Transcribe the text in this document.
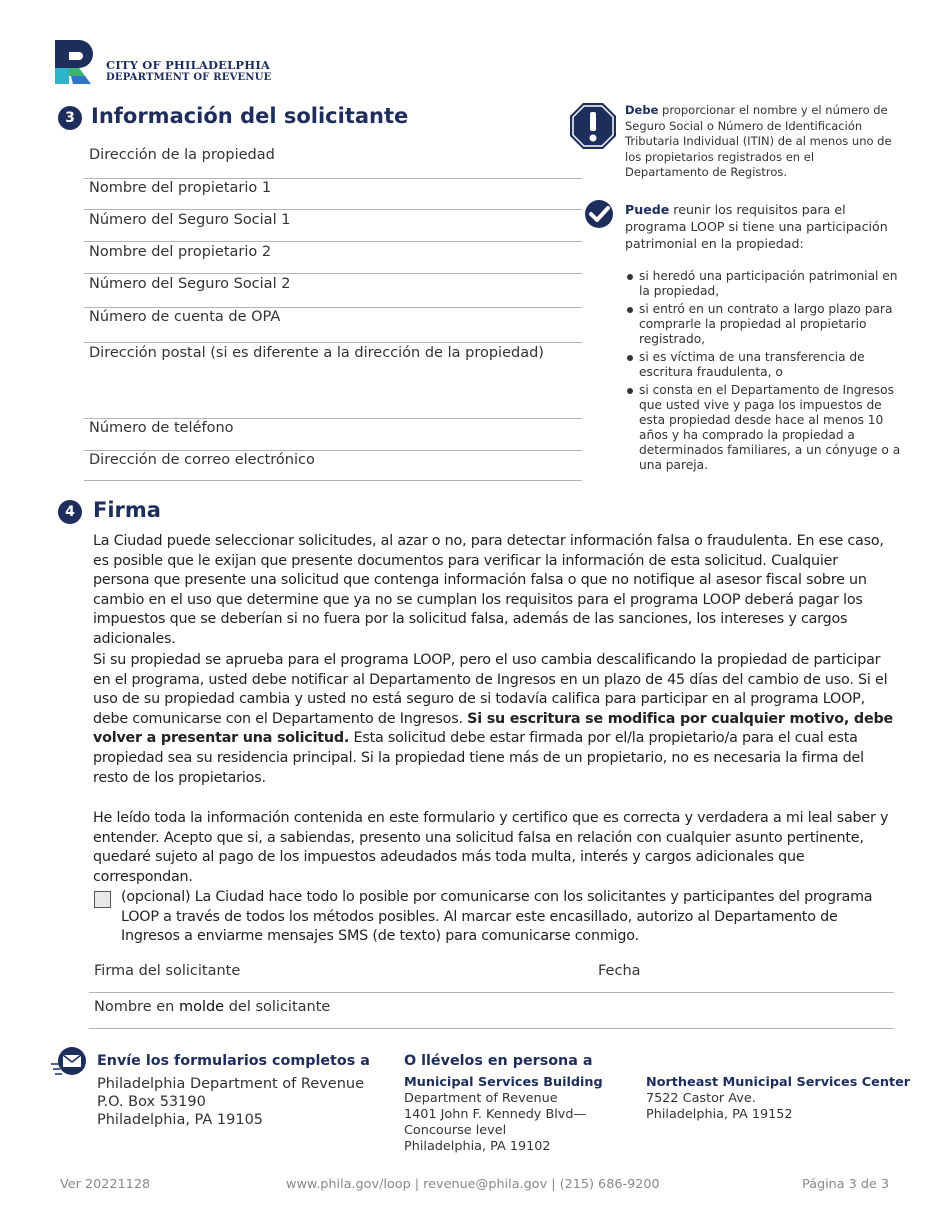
CITY OF PHILADELPHIA
DEPARTMENT OF REVENUE
3 Información del solicitante
Dirección de la propiedad
Nombre del propietario 1
Número del Seguro Social 1
Nombre del propietario 2
Número del Seguro Social 2
Número de cuenta de OPA
Dirección postal (si es diferente a la dirección de la propiedad)
Número de teléfono
Dirección de correo electrónico
Debe proporcionar el nombre y el número de Seguro Social o Número de Identificación Tributaria Individual (ITIN) de al menos uno de los propietarios registrados en el Departamento de Registros.
Puede reunir los requisitos para el programa LOOP si tiene una participación patrimonial en la propiedad:
si heredó una participación patrimonial en la propiedad,
si entró en un contrato a largo plazo para comprarle la propiedad al propietario registrado,
si es víctima de una transferencia de escritura fraudulenta, o
si consta en el Departamento de Ingresos que usted vive y paga los impuestos de esta propiedad desde hace al menos 10 años y ha comprado la propiedad a determinados familiares, a un cónyuge o a una pareja.
4 Firma
La Ciudad puede seleccionar solicitudes, al azar o no, para detectar información falsa o fraudulenta. En ese caso, es posible que le exijan que presente documentos para verificar la información de esta solicitud. Cualquier persona que presente una solicitud que contenga información falsa o que no notifique al asesor fiscal sobre un cambio en el uso que determine que ya no se cumplan los requisitos para el programa LOOP deberá pagar los impuestos que se deberían si no fuera por la solicitud falsa, además de las sanciones, los intereses y cargos adicionales.
Si su propiedad se aprueba para el programa LOOP, pero el uso cambia descalificando la propiedad de participar en el programa, usted debe notificar al Departamento de Ingresos en un plazo de 45 días del cambio de uso. Si el uso de su propiedad cambia y usted no está seguro de si todavía califica para participar en al programa LOOP, debe comunicarse con el Departamento de Ingresos. Si su escritura se modifica por cualquier motivo, debe volver a presentar una solicitud. Esta solicitud debe estar firmada por el/la propietario/a para el cual esta propiedad sea su residencia principal. Si la propiedad tiene más de un propietario, no es necesaria la firma del resto de los propietarios.
He leído toda la información contenida en este formulario y certifico que es correcta y verdadera a mi leal saber y entender. Acepto que si, a sabiendas, presento una solicitud falsa en relación con cualquier asunto pertinente, quedaré sujeto al pago de los impuestos adeudados más toda multa, interés y cargos adicionales que correspondan.
(opcional) La Ciudad hace todo lo posible por comunicarse con los solicitantes y participantes del programa LOOP a través de todos los métodos posibles. Al marcar este encasillado, autorizo al Departamento de Ingresos a enviarme mensajes SMS (de texto) para comunicarse conmigo.
Firma del solicitante	Fecha
Nombre en molde del solicitante
Envíe los formularios completos a
Philadelphia Department of Revenue
P.O. Box 53190
Philadelphia, PA 19105
O llévelos en persona a
Municipal Services Building
Department of Revenue
1401 John F. Kennedy Blvd—
Concourse level
Philadelphia, PA 19102
Northeast Municipal Services Center
7522 Castor Ave.
Philadelphia, PA 19152
Ver 20221128	www.phila.gov/loop | revenue@phila.gov | (215) 686-9200	Página 3 de 3
